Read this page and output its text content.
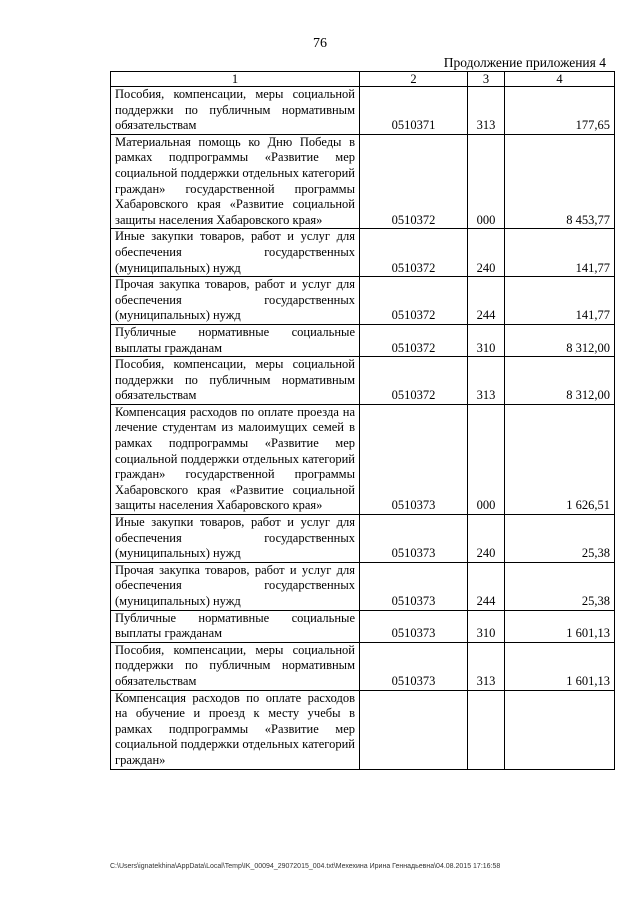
76
Продолжение приложения 4
1	2	3	4
Пособия, компенсации, меры социальной поддержки по публичным нормативным обязательствам	0510371	313	177,65
Материальная помощь ко Дню Победы в рамках подпрограммы «Развитие мер социальной поддержки отдельных категорий граждан» государственной программы Хабаровского края «Развитие социальной защиты населения Хабаровского края»	0510372	000	8 453,77
Иные закупки товаров, работ и услуг для обеспечения государственных (муниципальных) нужд	0510372	240	141,77
Прочая закупка товаров, работ и услуг для обеспечения государственных (муниципальных) нужд	0510372	244	141,77
Публичные нормативные социальные выплаты гражданам	0510372	310	8 312,00
Пособия, компенсации, меры социальной поддержки по публичным нормативным обязательствам	0510372	313	8 312,00
Компенсация расходов по оплате проезда на лечение студентам из малоимущих семей в рамках подпрограммы «Развитие мер социальной поддержки отдельных категорий граждан» государственной программы Хабаровского края «Развитие социальной защиты населения Хабаровского края»	0510373	000	1 626,51
Иные закупки товаров, работ и услуг для обеспечения государственных (муниципальных) нужд	0510373	240	25,38
Прочая закупка товаров, работ и услуг для обеспечения государственных (муниципальных) нужд	0510373	244	25,38
Публичные нормативные социальные выплаты гражданам	0510373	310	1 601,13
Пособия, компенсации, меры социальной поддержки по публичным нормативным обязательствам	0510373	313	1 601,13
Компенсация расходов по оплате расходов на обучение и проезд к месту учебы в рамках подпрограммы «Развитие мер социальной поддержки отдельных категорий граждан»			
C:\Users\ignatekhina\AppData\Local\Temp\IK_00094_29072015_004.txt\Мехехина Ирина Геннадьевна\04.08.2015 17:16:58
